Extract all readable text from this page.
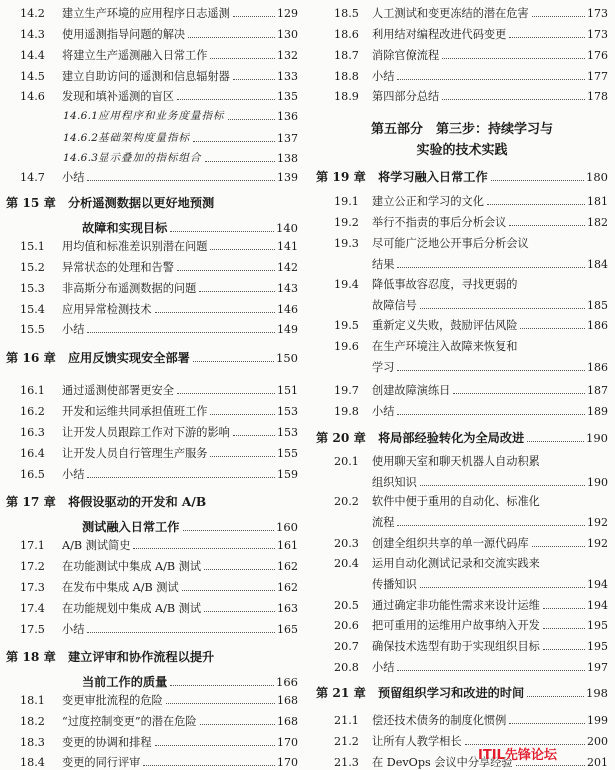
14.2 建立生产环境的应用程序日志遥测	129
14.3 使用遥测指导问题的解决	130
14.4 将建立生产遥测融入日常工作	132
14.5 建立自助访问的遥测和信息辐射器	133
14.6 发现和填补遥测的盲区	135
14.6.1 应用程序和业务度量指标	136
14.6.2 基础架构度量指标	137
14.6.3 显示叠加的指标组合	138
14.7 小结	139
第 15 章 分析遥测数据以更好地预测
故障和实现目标	140
15.1 用均值和标准差识别潜在问题	141
15.2 异常状态的处理和告警	142
15.3 非高斯分布遥测数据的问题	143
15.4 应用异常检测技术	146
15.5 小结	149
第 16 章 应用反馈实现安全部署	150
16.1 通过遥测使部署更安全	151
16.2 开发和运维共同承担值班工作	153
16.3 让开发人员跟踪工作对下游的影响	153
16.4 让开发人员自行管理生产服务	155
16.5 小结	159
第 17 章 将假设驱动的开发和 A/B
测试融入日常工作	160
17.1 A/B 测试简史	161
17.2 在功能测试中集成 A/B 测试	162
17.3 在发布中集成 A/B 测试	162
17.4 在功能规划中集成 A/B 测试	163
17.5 小结	165
第 18 章 建立评审和协作流程以提升
当前工作的质量	166
18.1 变更审批流程的危险	168
18.2 “过度控制变更”的潜在危险	168
18.3 变更的协调和排程	170
18.4 变更的同行评审	170
18.5 人工测试和变更冻结的潜在危害	173
18.6 利用结对编程改进代码变更	173
18.7 消除官僚流程	176
18.8 小结	177
18.9 第四部分总结	178
第五部分　第三步：持续学习与
实验的技术实践
第 19 章 将学习融入日常工作	180
19.1 建立公正和学习的文化	181
19.2 举行不指责的事后分析会议	182
19.3 尽可能广泛地公开事后分析会议
结果	184
19.4 降低事故容忍度，寻找更弱的
故障信号	185
19.5 重新定义失败，鼓励评估风险	186
19.6 在生产环境注入故障来恢复和
学习	186
19.7 创建故障演练日	187
19.8 小结	189
第 20 章 将局部经验转化为全局改进	190
20.1 使用聊天室和聊天机器人自动积累
组织知识	190
20.2 软件中便于重用的自动化、标准化
流程	192
20.3 创建全组织共享的单一源代码库	192
20.4 运用自动化测试记录和交流实践来
传播知识	194
20.5 通过确定非功能性需求来设计运维	194
20.6 把可重用的运维用户故事纳入开发	195
20.7 确保技术选型有助于实现组织目标	195
20.8 小结	197
第 21 章 预留组织学习和改进的时间	198
21.1 偿还技术债务的制度化惯例	199
21.2 让所有人教学相长	200
21.3 在 DevOps 会议中分享经验	201
ITIL先锋论坛
